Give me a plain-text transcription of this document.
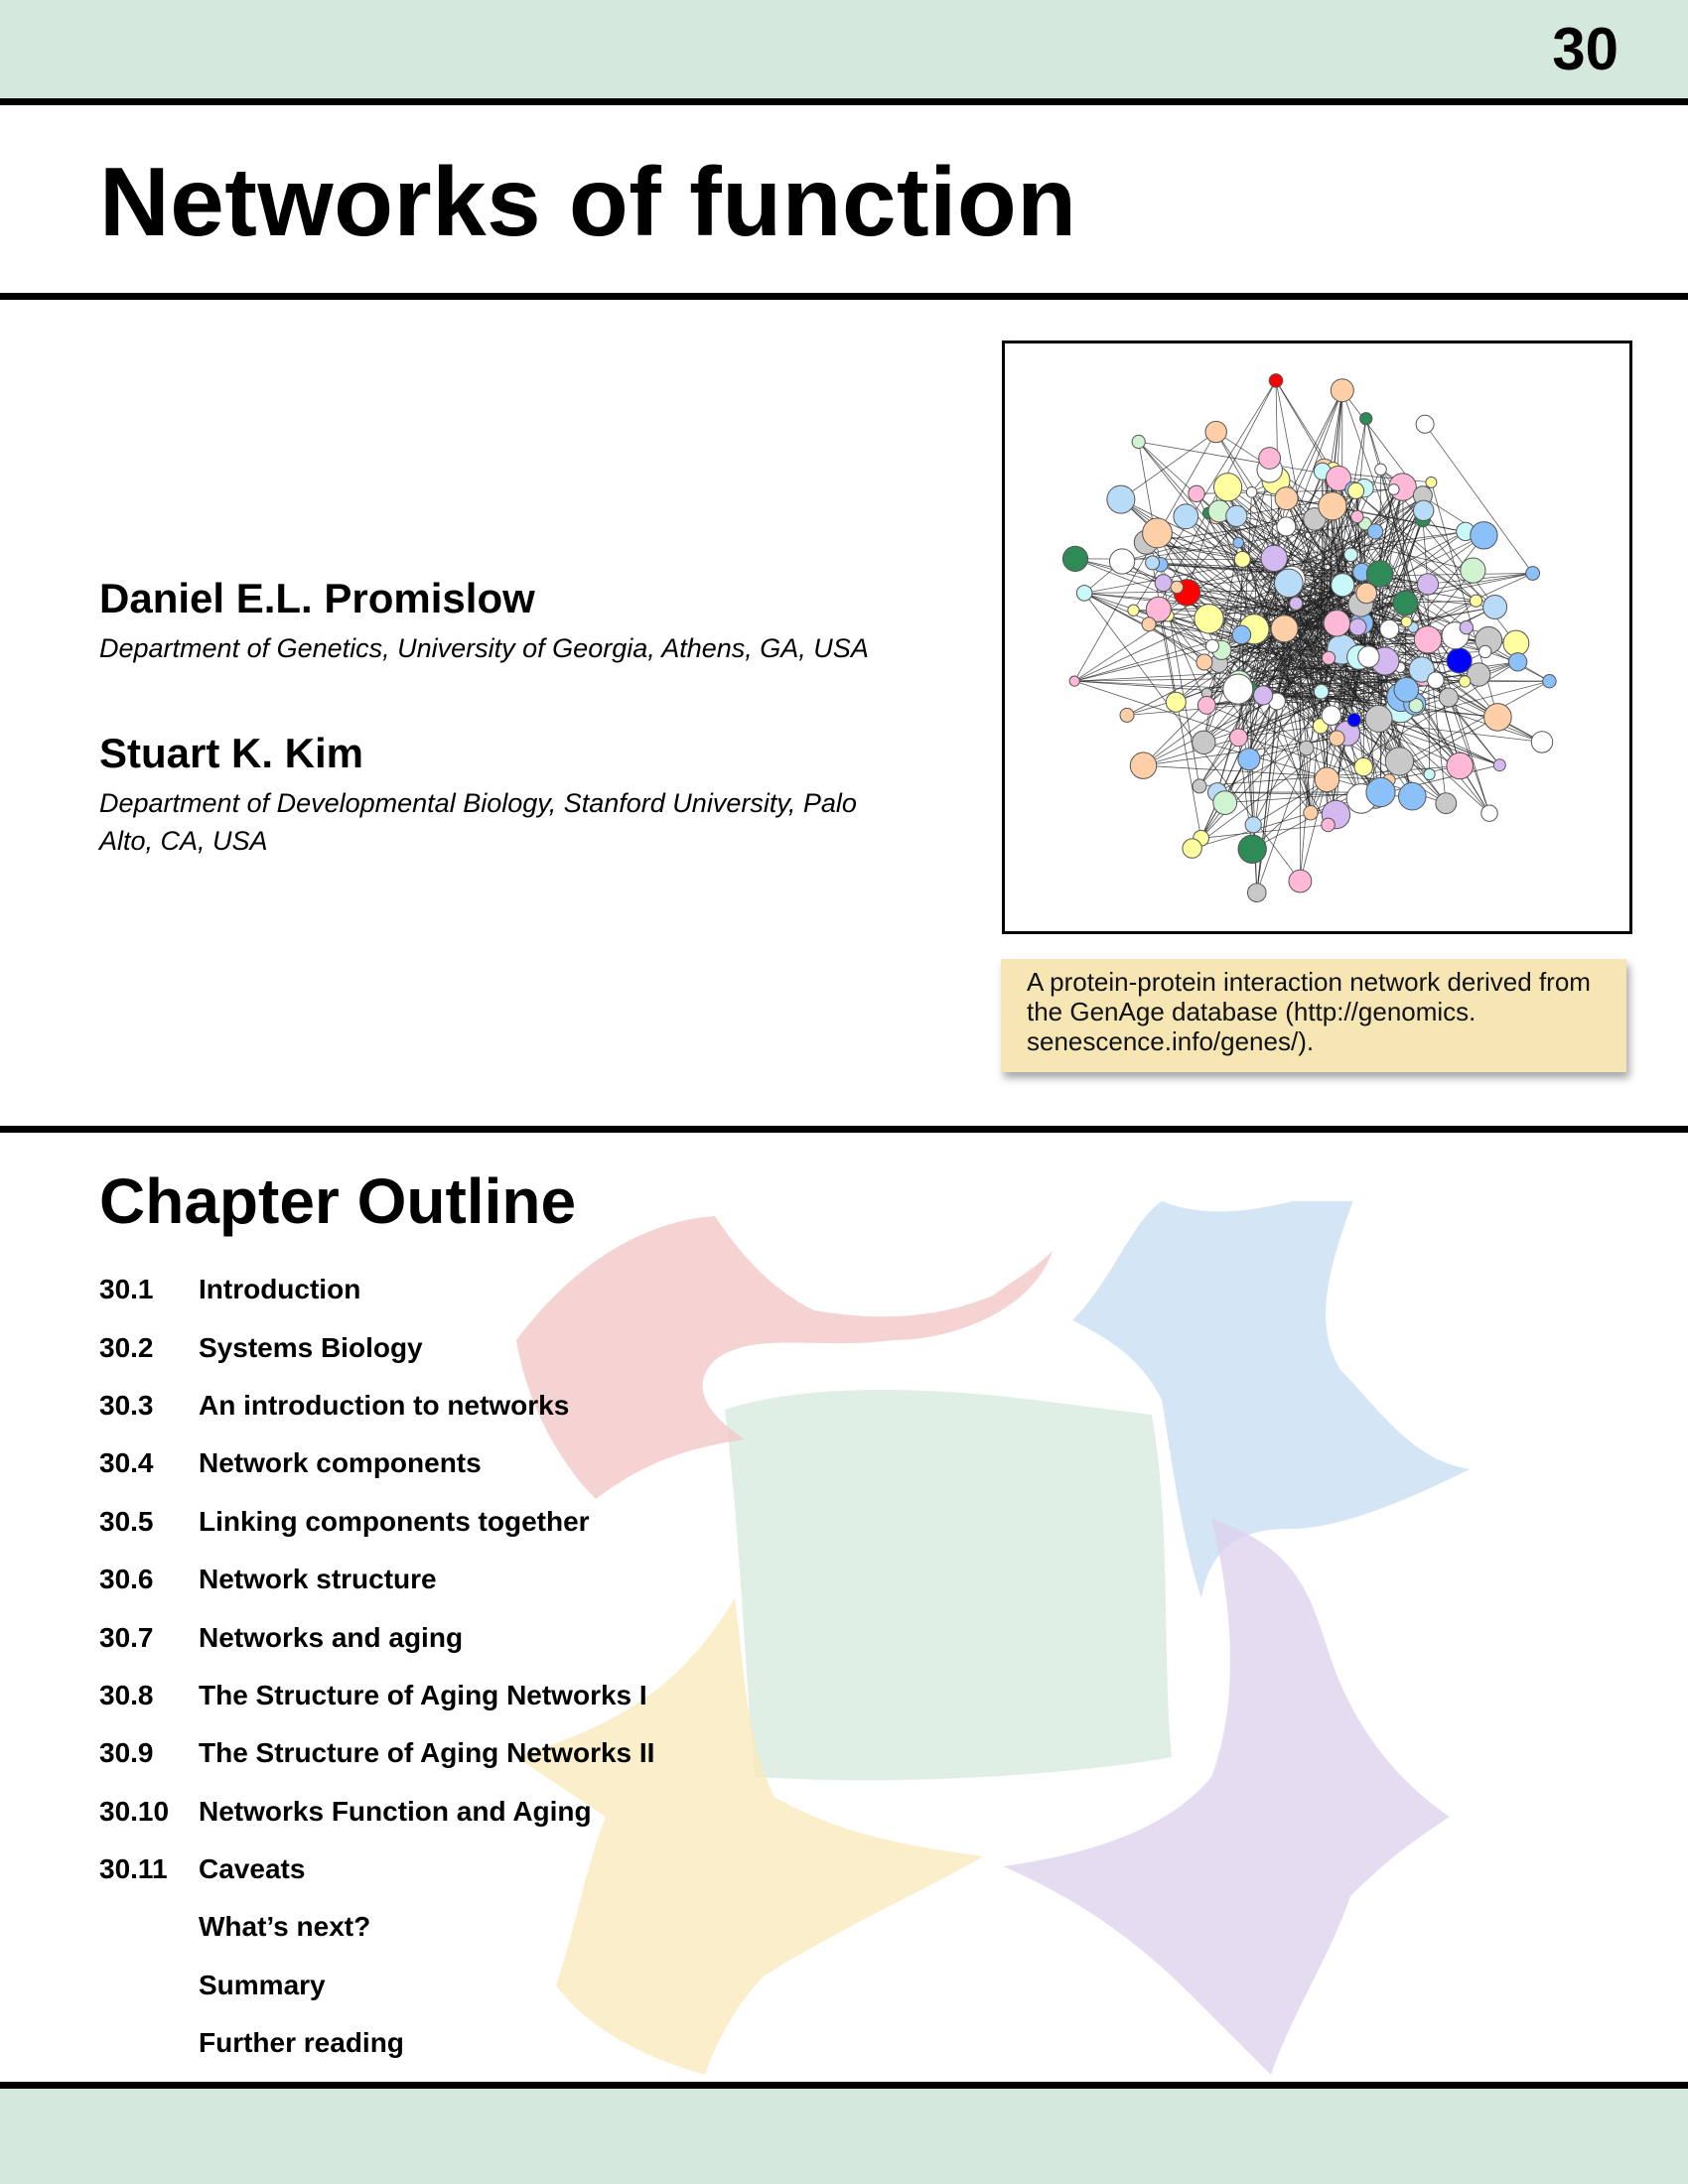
30
Networks of function

Daniel E.L. Promislow

Department of Genetics, University of Georgia, Athens, GA, USA

Stuart K. Kim

Department of Developmental Biology, Stanford University, Palo Alto, CA, USA

A protein-protein interaction network derived from the GenAge database (http://genomics. senescence.info/genes/).
Chapter Outline
30.1	Introduction
30.2	Systems Biology
30.3	An introduction to networks
30.4	Network components
30.5	Linking components together
30.6	Network structure
30.7	Networks and aging
30.8	The Structure of Aging Networks I
30.9	The Structure of Aging Networks II
30.10	Networks Function and Aging
30.11	Caveats
What’s next?
Summary
Further reading
